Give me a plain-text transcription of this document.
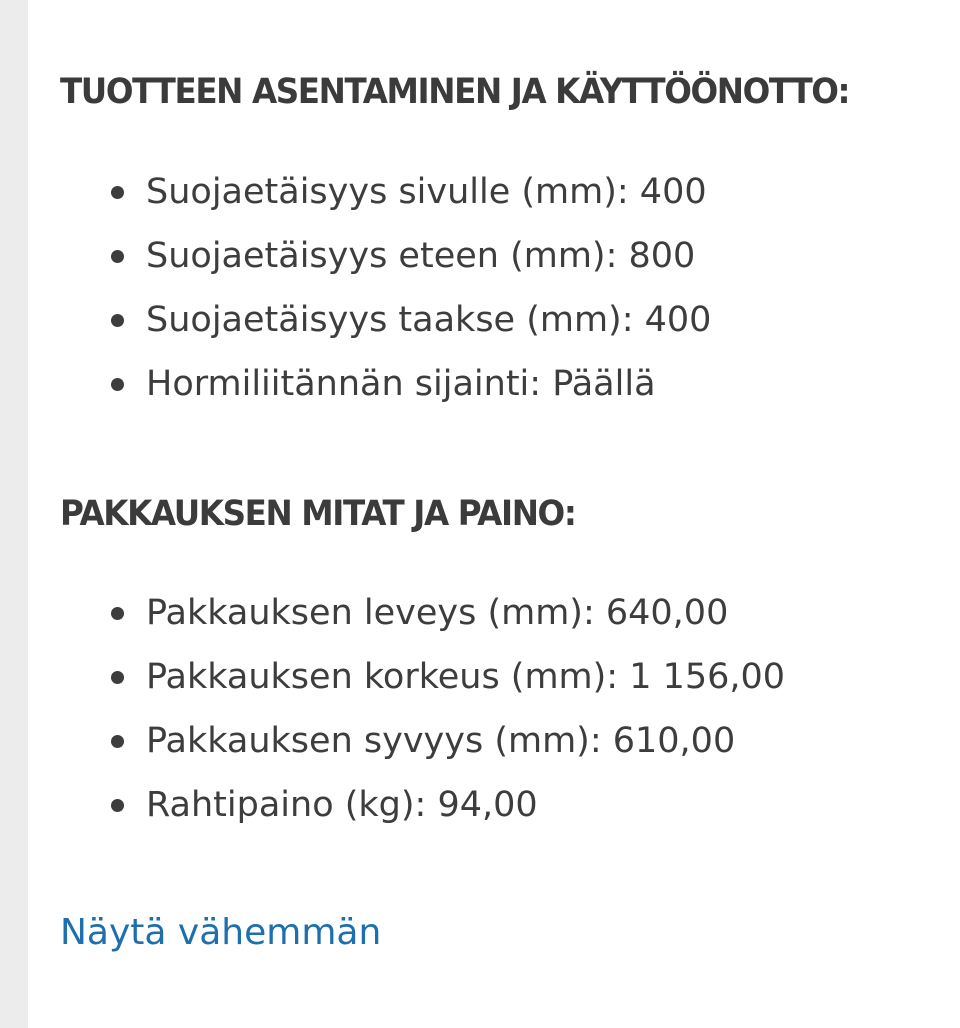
TUOTTEEN ASENTAMINEN JA KÄYTTÖÖNOTTO:
Suojaetäisyys sivulle (mm): 400
Suojaetäisyys eteen (mm): 800
Suojaetäisyys taakse (mm): 400
Hormiliitännän sijainti: Päällä
PAKKAUKSEN MITAT JA PAINO:
Pakkauksen leveys (mm): 640,00
Pakkauksen korkeus (mm): 1 156,00
Pakkauksen syvyys (mm): 610,00
Rahtipaino (kg): 94,00
Näytä vähemmän
